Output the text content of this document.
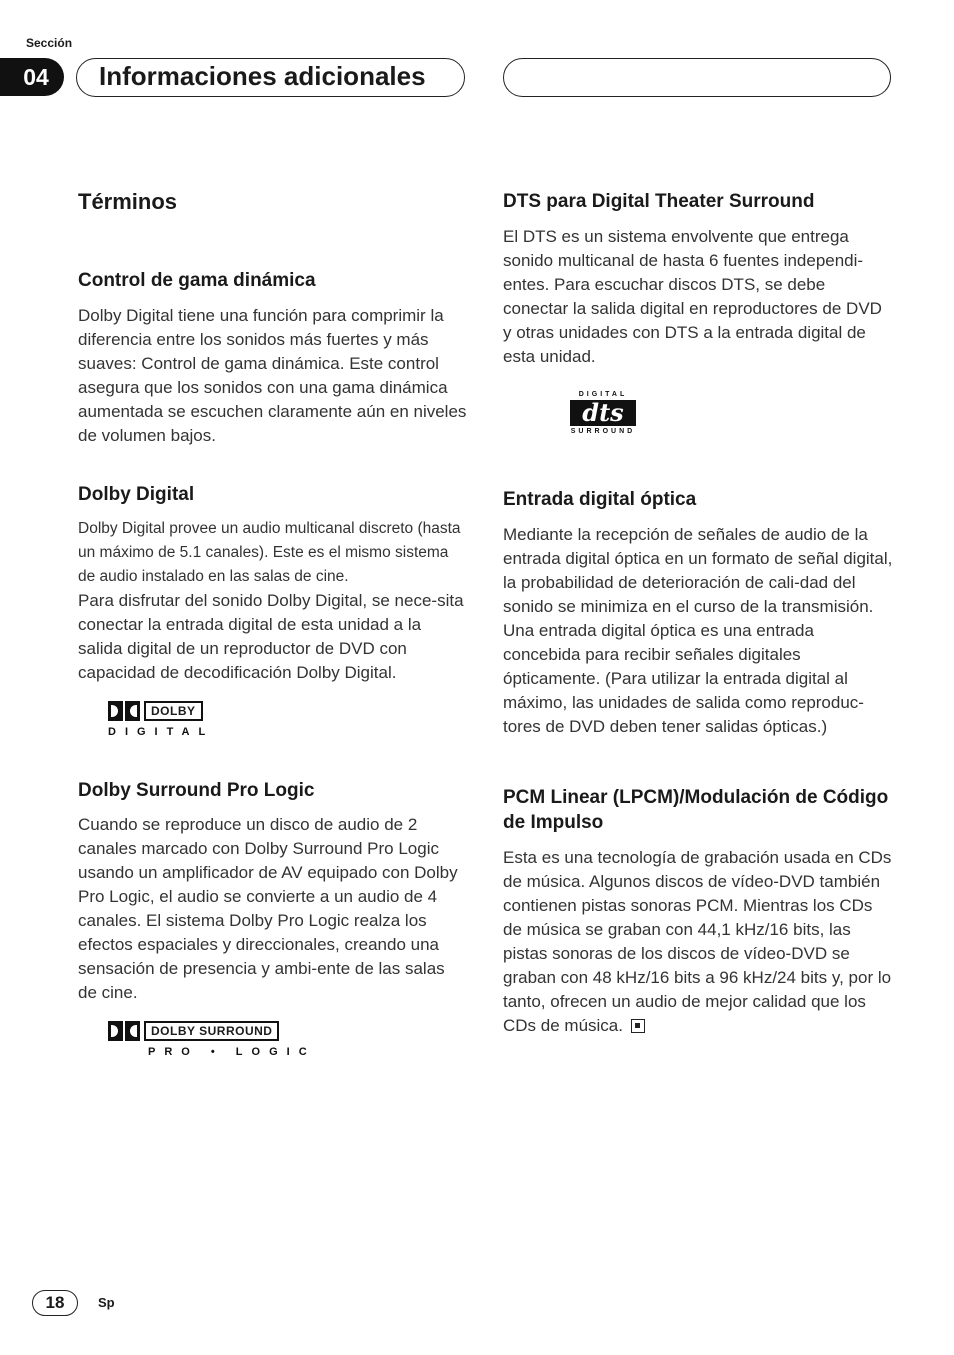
Sección
04	Informaciones adicionales
Términos
Control de gama dinámica

Dolby Digital tiene una función para comprimir la diferencia entre los sonidos más fuertes y más suaves: Control de gama dinámica. Este control asegura que los sonidos con una gama dinámica aumentada se escuchen claramente aún en niveles de volumen bajos.

Dolby Digital

Dolby Digital provee un audio multicanal discreto (hasta un máximo de 5.1 canales). Este es el mismo sistema de audio instalado en las salas de cine.

Para disfrutar del sonido Dolby Digital, se nece-sita conectar la entrada digital de esta unidad a la salida digital de un reproductor de DVD con capacidad de decodificación Dolby Digital.

DOLBY
DIGITAL
Dolby Surround Pro Logic

Cuando se reproduce un disco de audio de 2 canales marcado con Dolby Surround Pro Logic usando un amplificador de AV equipado con Dolby Pro Logic, el audio se convierte a un audio de 4 canales. El sistema Dolby Pro Logic realza los efectos espaciales y direccionales, creando una sensación de presencia y ambi-ente de las salas de cine.

DOLBY SURROUND
PRO • LOGIC
DTS para Digital Theater Surround

El DTS es un sistema envolvente que entrega sonido multicanal de hasta 6 fuentes independi-entes. Para escuchar discos DTS, se debe conectar la salida digital en reproductores de DVD y otras unidades con DTS a la entrada digital de esta unidad.

DIGITAL
dts
SURROUND
Entrada digital óptica

Mediante la recepción de señales de audio de la entrada digital óptica en un formato de señal digital, la probabilidad de deterioración de cali-dad del sonido se minimiza en el curso de la transmisión. Una entrada digital óptica es una entrada concebida para recibir señales digitales ópticamente. (Para utilizar la entrada digital al máximo, las unidades de salida como reproduc-tores de DVD deben tener salidas ópticas.)

PCM Linear (LPCM)/Modulación de Código de Impulso

Esta es una tecnología de grabación usada en CDs de música. Algunos discos de vídeo-DVD también contienen pistas sonoras PCM. Mientras los CDs de música se graban con 44,1 kHz/16 bits, las pistas sonoras de los discos de vídeo-DVD se graban con 48 kHz/16 bits a 96 kHz/24 bits y, por lo tanto, ofrecen un audio de mejor calidad que los CDs de música.

18	Sp
